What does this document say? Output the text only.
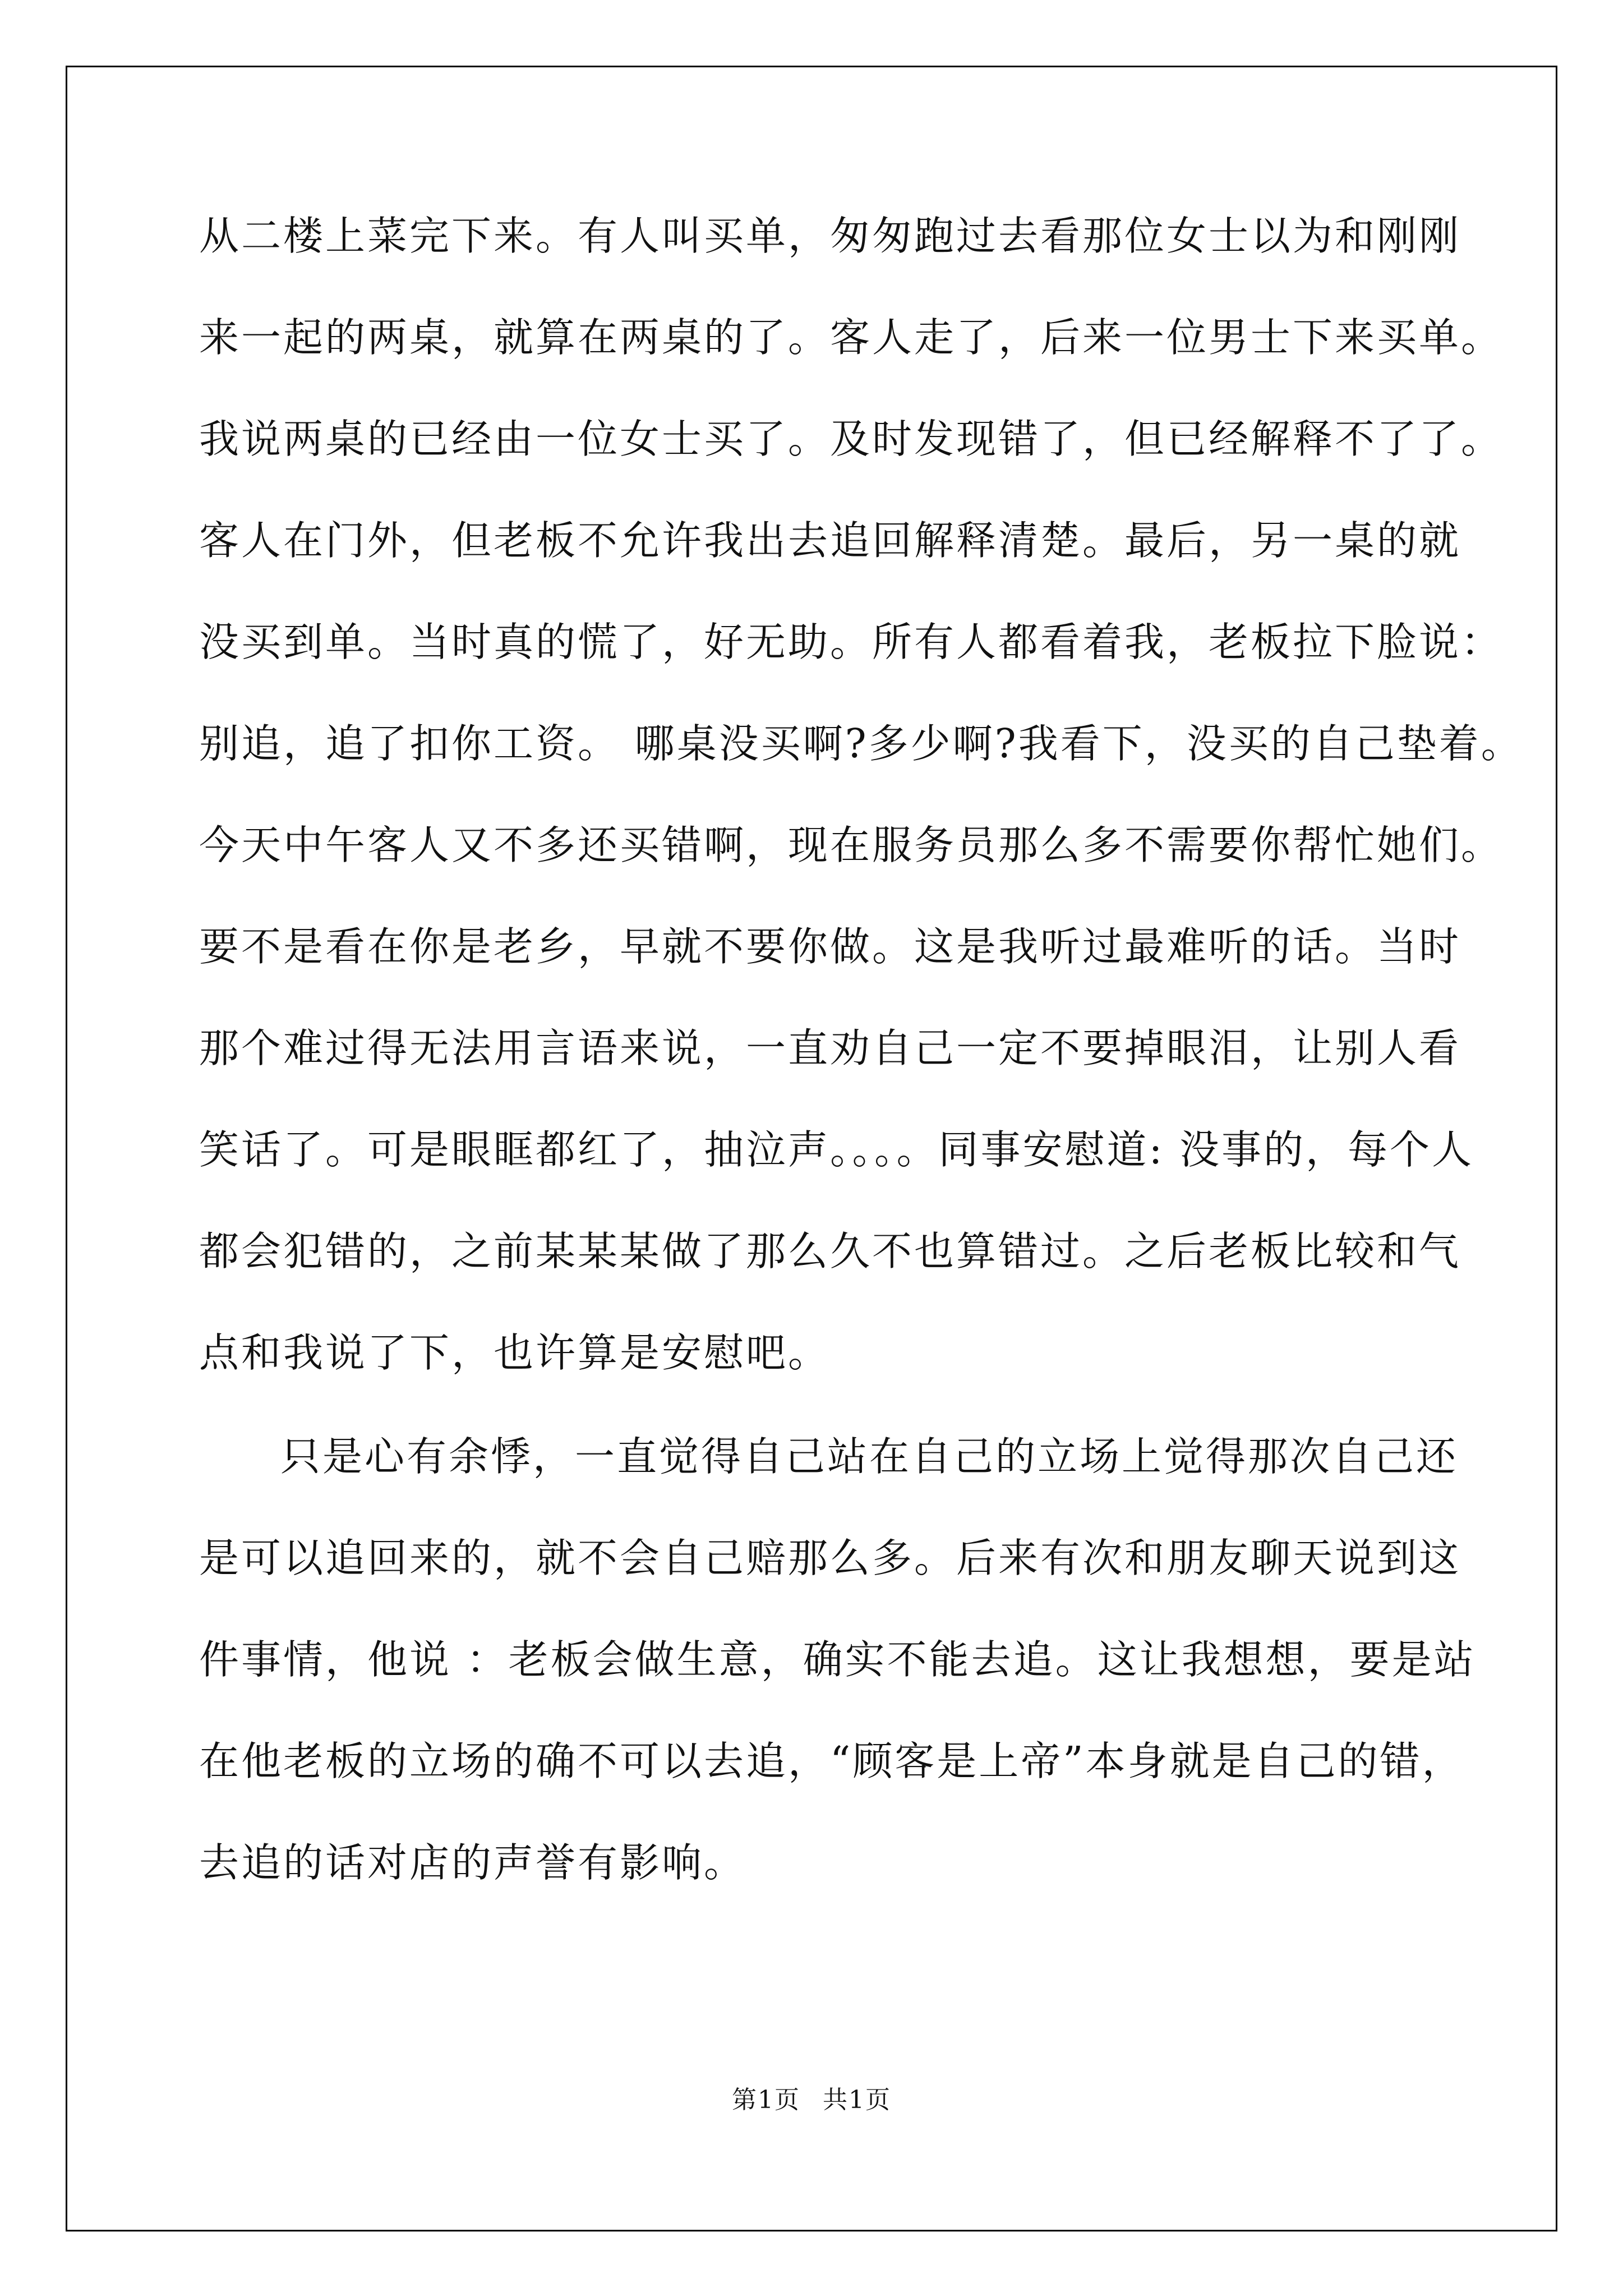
从二楼上菜完下来。有人叫买单，匆匆跑过去看那位女士以为和刚刚
来一起的两桌，就算在两桌的了。客人走了，后来一位男士下来买单。
我说两桌的已经由一位女士买了。及时发现错了，但已经解释不了了。
客人在门外，但老板不允许我出去追回解释清楚。最后，另一桌的就
没买到单。当时真的慌了，好无助。所有人都看着我，老板拉下脸说：
别追，追了扣你工资。 哪桌没买啊?多少啊?我看下，没买的自己垫着。
今天中午客人又不多还买错啊，现在服务员那么多不需要你帮忙她们。
要不是看在你是老乡，早就不要你做。这是我听过最难听的话。当时
那个难过得无法用言语来说，一直劝自己一定不要掉眼泪，让别人看
笑话了。可是眼眶都红了，抽泣声。。。。同事安慰道: 没事的，每个人
都会犯错的，之前某某某做了那么久不也算错过。之后老板比较和气
点和我说了下，也许算是安慰吧。
只是心有余悸，一直觉得自己站在自己的立场上觉得那次自己还
是可以追回来的，就不会自己赔那么多。后来有次和朋友聊天说到这
件事情，他说 ：老板会做生意，确实不能去追。这让我想想，要是站
在他老板的立场的确不可以去追，“顾客是上帝”本身就是自己的错，
去追的话对店的声誉有影响。
第1页 共1页
